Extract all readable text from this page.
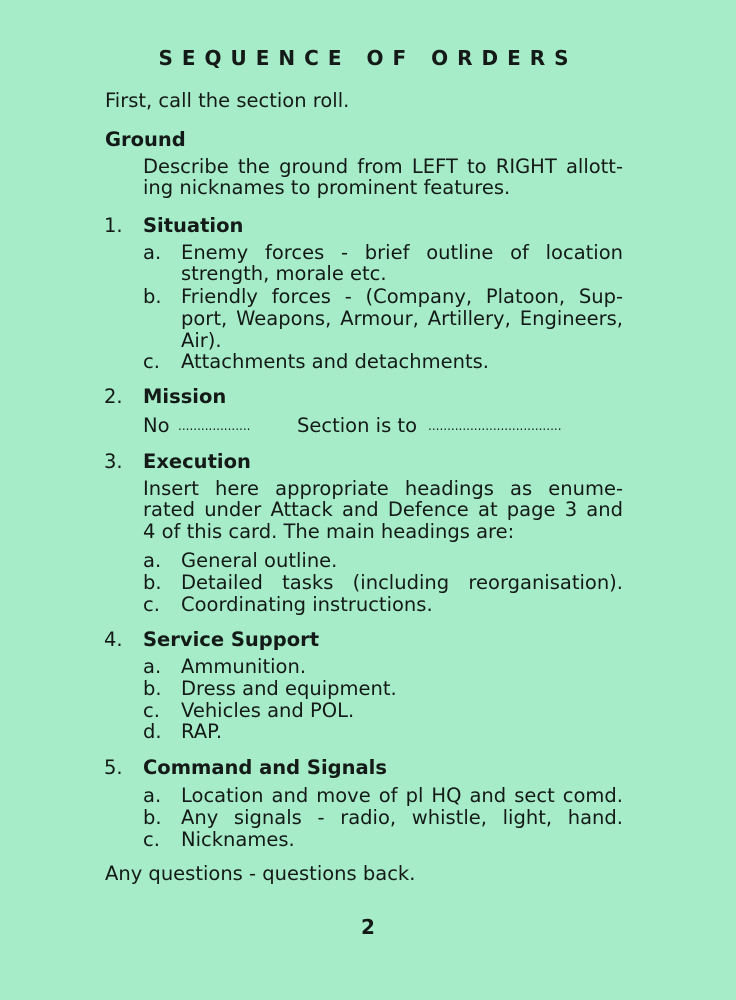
SEQUENCE OF ORDERS
First, call the section roll.
Ground
Describe the ground from LEFT to RIGHT allott-
ing nicknames to prominent features.
1. Situation
a. Enemy forces - brief outline of location
strength, morale etc.
b. Friendly forces - (Company, Platoon, Sup-
port, Weapons, Armour, Artillery, Engineers,
Air).
c. Attachments and detachments.
2. Mission
No ................... Section is to ...................................
3. Execution
Insert here appropriate headings as enume-
rated under Attack and Defence at page 3 and
4 of this card. The main headings are:
a. General outline.
b. Detailed tasks (including reorganisation).
c. Coordinating instructions.
4. Service Support
a. Ammunition.
b. Dress and equipment.
c. Vehicles and POL.
d. RAP.
5. Command and Signals
a. Location and move of pl HQ and sect comd.
b. Any signals - radio, whistle, light, hand.
c. Nicknames.
Any questions - questions back.
2
